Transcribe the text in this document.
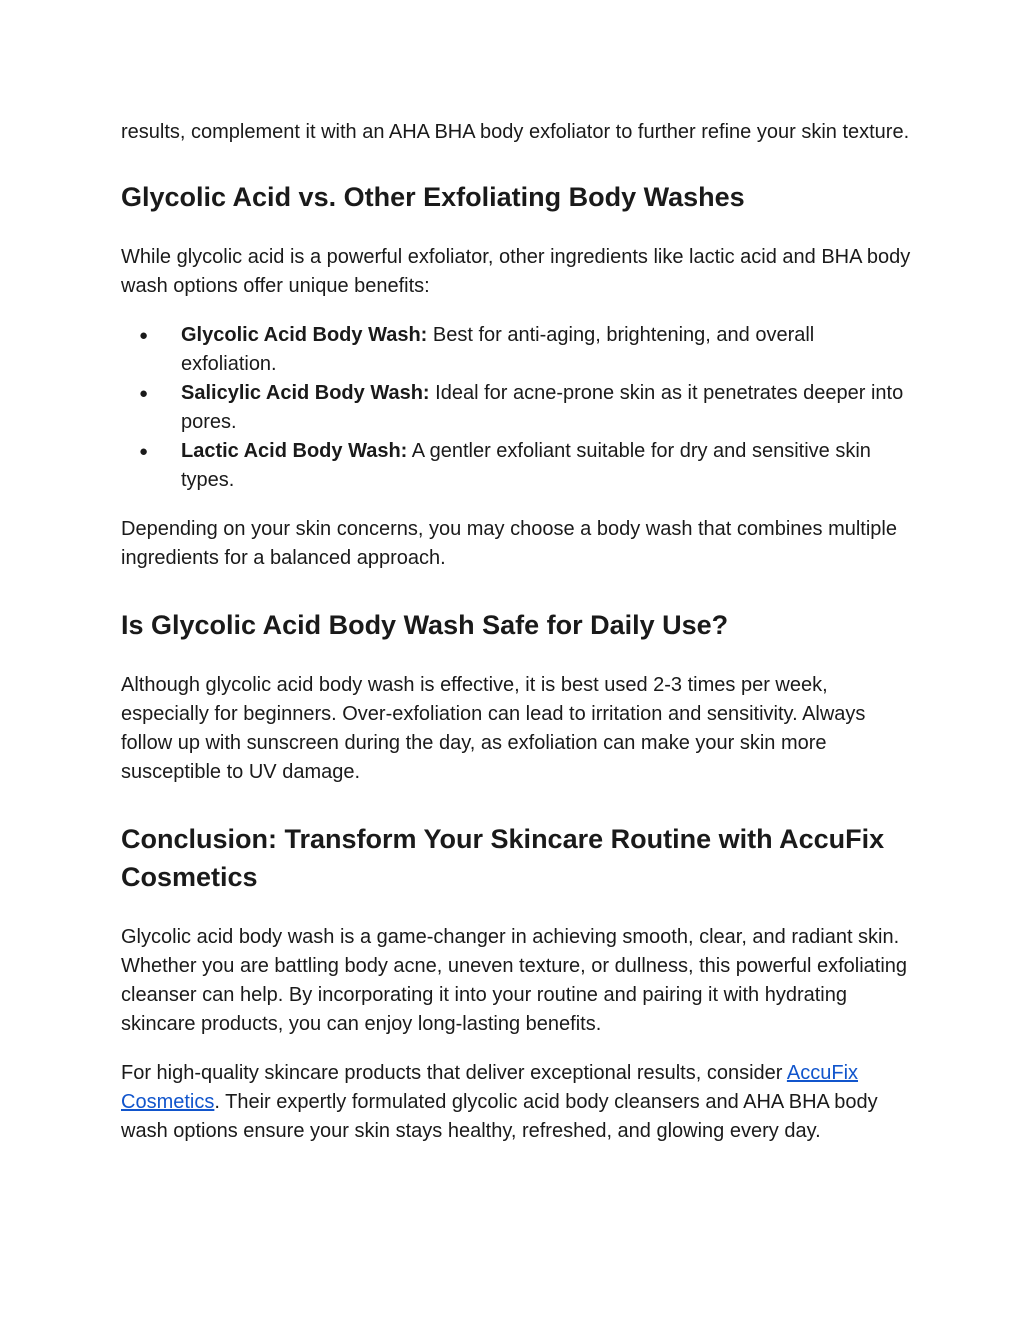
results, complement it with an AHA BHA body exfoliator to further refine your skin texture.

Glycolic Acid vs. Other Exfoliating Body Washes

While glycolic acid is a powerful exfoliator, other ingredients like lactic acid and BHA body wash options offer unique benefits:

● Glycolic Acid Body Wash: Best for anti-aging, brightening, and overall exfoliation.
● Salicylic Acid Body Wash: Ideal for acne-prone skin as it penetrates deeper into pores.
● Lactic Acid Body Wash: A gentler exfoliant suitable for dry and sensitive skin types.

Depending on your skin concerns, you may choose a body wash that combines multiple ingredients for a balanced approach.

Is Glycolic Acid Body Wash Safe for Daily Use?

Although glycolic acid body wash is effective, it is best used 2-3 times per week, especially for beginners. Over-exfoliation can lead to irritation and sensitivity. Always follow up with sunscreen during the day, as exfoliation can make your skin more susceptible to UV damage.

Conclusion: Transform Your Skincare Routine with AccuFix Cosmetics

Glycolic acid body wash is a game-changer in achieving smooth, clear, and radiant skin. Whether you are battling body acne, uneven texture, or dullness, this powerful exfoliating cleanser can help. By incorporating it into your routine and pairing it with hydrating skincare products, you can enjoy long-lasting benefits.

For high-quality skincare products that deliver exceptional results, consider AccuFix Cosmetics. Their expertly formulated glycolic acid body cleansers and AHA BHA body wash options ensure your skin stays healthy, refreshed, and glowing every day.
